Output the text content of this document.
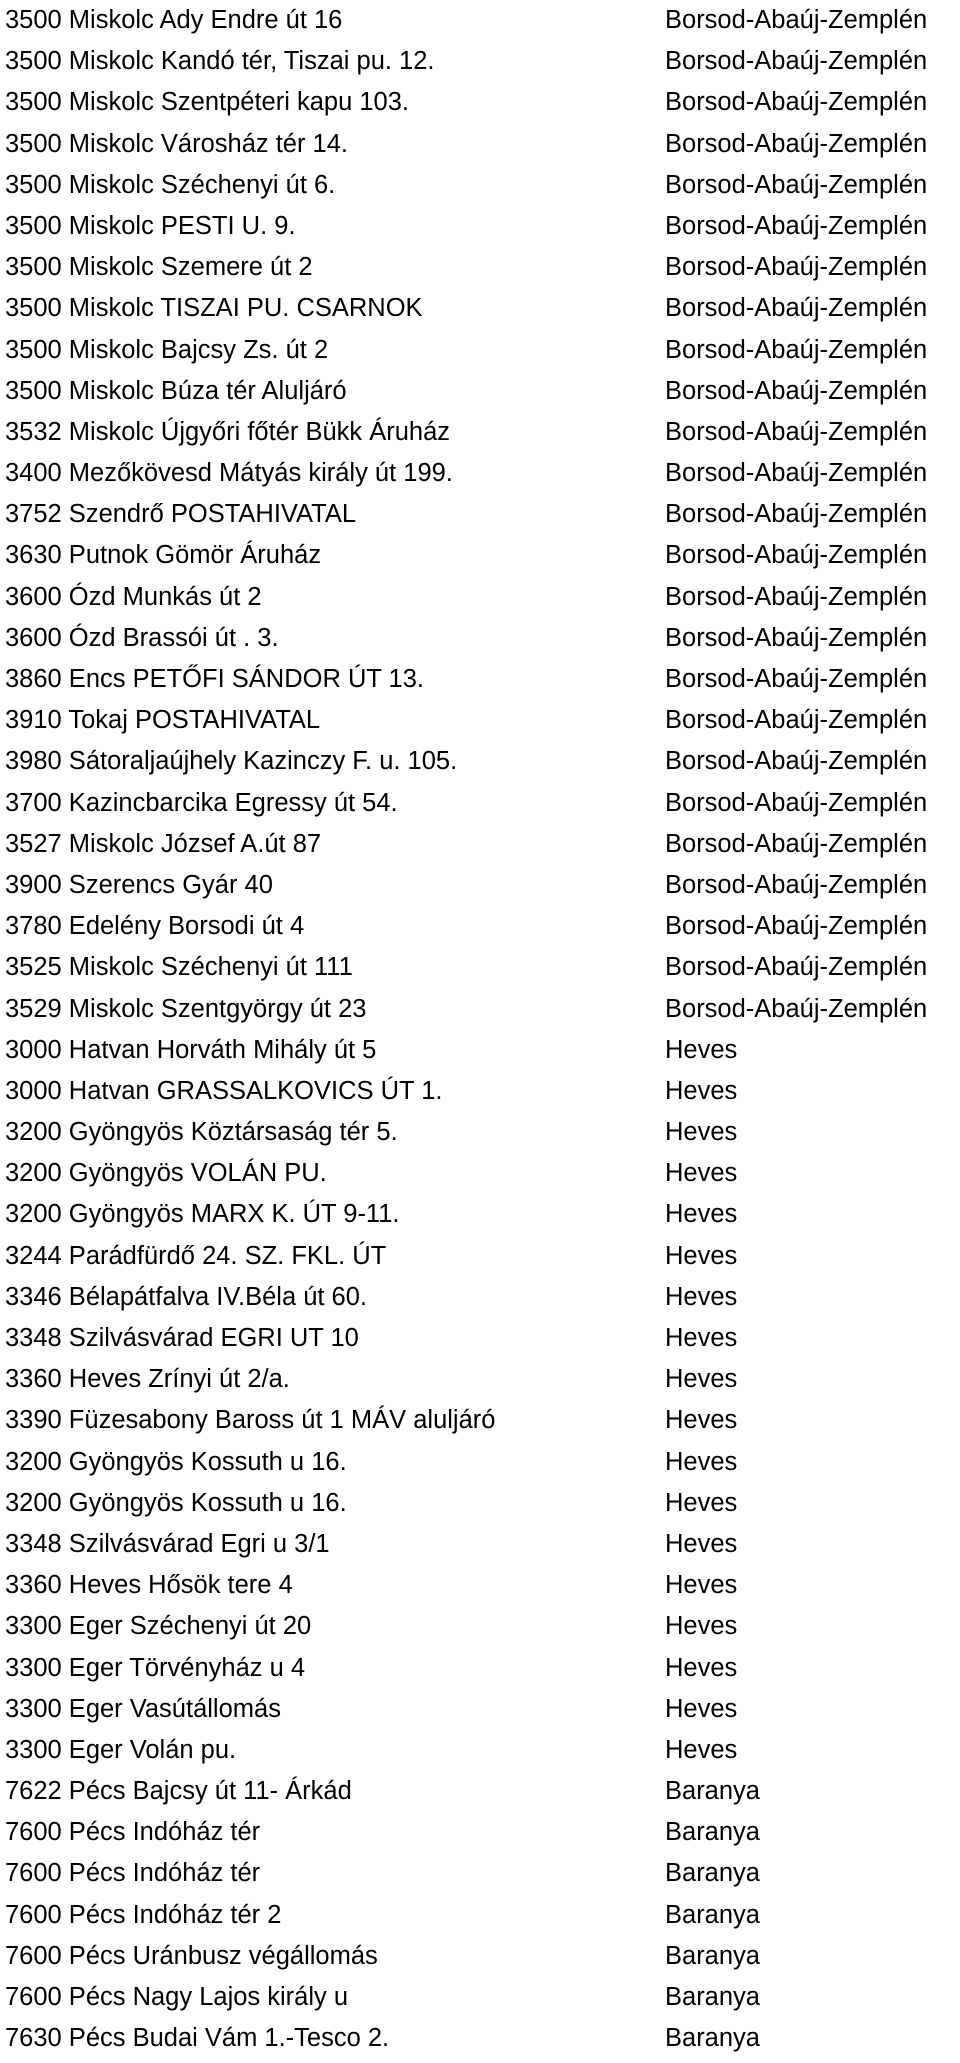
3500 Miskolc Ady Endre út 16	Borsod-Abaúj-Zemplén
3500 Miskolc Kandó tér, Tiszai pu. 12.	Borsod-Abaúj-Zemplén
3500 Miskolc Szentpéteri kapu 103.	Borsod-Abaúj-Zemplén
3500 Miskolc Városház tér 14.	Borsod-Abaúj-Zemplén
3500 Miskolc Széchenyi út 6.	Borsod-Abaúj-Zemplén
3500 Miskolc PESTI U. 9.	Borsod-Abaúj-Zemplén
3500 Miskolc Szemere út 2	Borsod-Abaúj-Zemplén
3500 Miskolc TISZAI PU. CSARNOK	Borsod-Abaúj-Zemplén
3500 Miskolc Bajcsy Zs. út 2	Borsod-Abaúj-Zemplén
3500 Miskolc Búza tér Aluljáró	Borsod-Abaúj-Zemplén
3532 Miskolc Újgyőri főtér Bükk Áruház	Borsod-Abaúj-Zemplén
3400 Mezőkövesd Mátyás király út 199.	Borsod-Abaúj-Zemplén
3752 Szendrő POSTAHIVATAL	Borsod-Abaúj-Zemplén
3630 Putnok Gömör Áruház	Borsod-Abaúj-Zemplén
3600 Ózd Munkás út 2	Borsod-Abaúj-Zemplén
3600 Ózd Brassói út . 3.	Borsod-Abaúj-Zemplén
3860 Encs PETŐFI SÁNDOR ÚT 13.	Borsod-Abaúj-Zemplén
3910 Tokaj POSTAHIVATAL	Borsod-Abaúj-Zemplén
3980 Sátoraljaújhely Kazinczy F. u. 105.	Borsod-Abaúj-Zemplén
3700 Kazincbarcika Egressy út 54.	Borsod-Abaúj-Zemplén
3527 Miskolc József A.út 87	Borsod-Abaúj-Zemplén
3900 Szerencs Gyár 40	Borsod-Abaúj-Zemplén
3780 Edelény Borsodi út 4	Borsod-Abaúj-Zemplén
3525 Miskolc Széchenyi út 111	Borsod-Abaúj-Zemplén
3529 Miskolc Szentgyörgy út 23	Borsod-Abaúj-Zemplén
3000 Hatvan Horváth Mihály út 5	Heves
3000 Hatvan GRASSALKOVICS ÚT 1.	Heves
3200 Gyöngyös Köztársaság tér 5.	Heves
3200 Gyöngyös VOLÁN PU.	Heves
3200 Gyöngyös MARX K. ÚT 9-11.	Heves
3244 Parádfürdő 24. SZ. FKL. ÚT	Heves
3346 Bélapátfalva IV.Béla út 60.	Heves
3348 Szilvásvárad EGRI UT 10	Heves
3360 Heves Zrínyi út 2/a.	Heves
3390 Füzesabony Baross út 1 MÁV aluljáró	Heves
3200 Gyöngyös Kossuth u 16.	Heves
3200 Gyöngyös Kossuth u 16.	Heves
3348 Szilvásvárad Egri u 3/1	Heves
3360 Heves Hősök tere 4	Heves
3300 Eger Széchenyi út 20	Heves
3300 Eger Törvényház u 4	Heves
3300 Eger Vasútállomás	Heves
3300 Eger Volán pu.	Heves
7622 Pécs Bajcsy út 11- Árkád	Baranya
7600 Pécs Indóház tér	Baranya
7600 Pécs Indóház tér	Baranya
7600 Pécs Indóház tér 2	Baranya
7600 Pécs Uránbusz végállomás	Baranya
7600 Pécs Nagy Lajos király u	Baranya
7630 Pécs Budai Vám 1.-Tesco 2.	Baranya
